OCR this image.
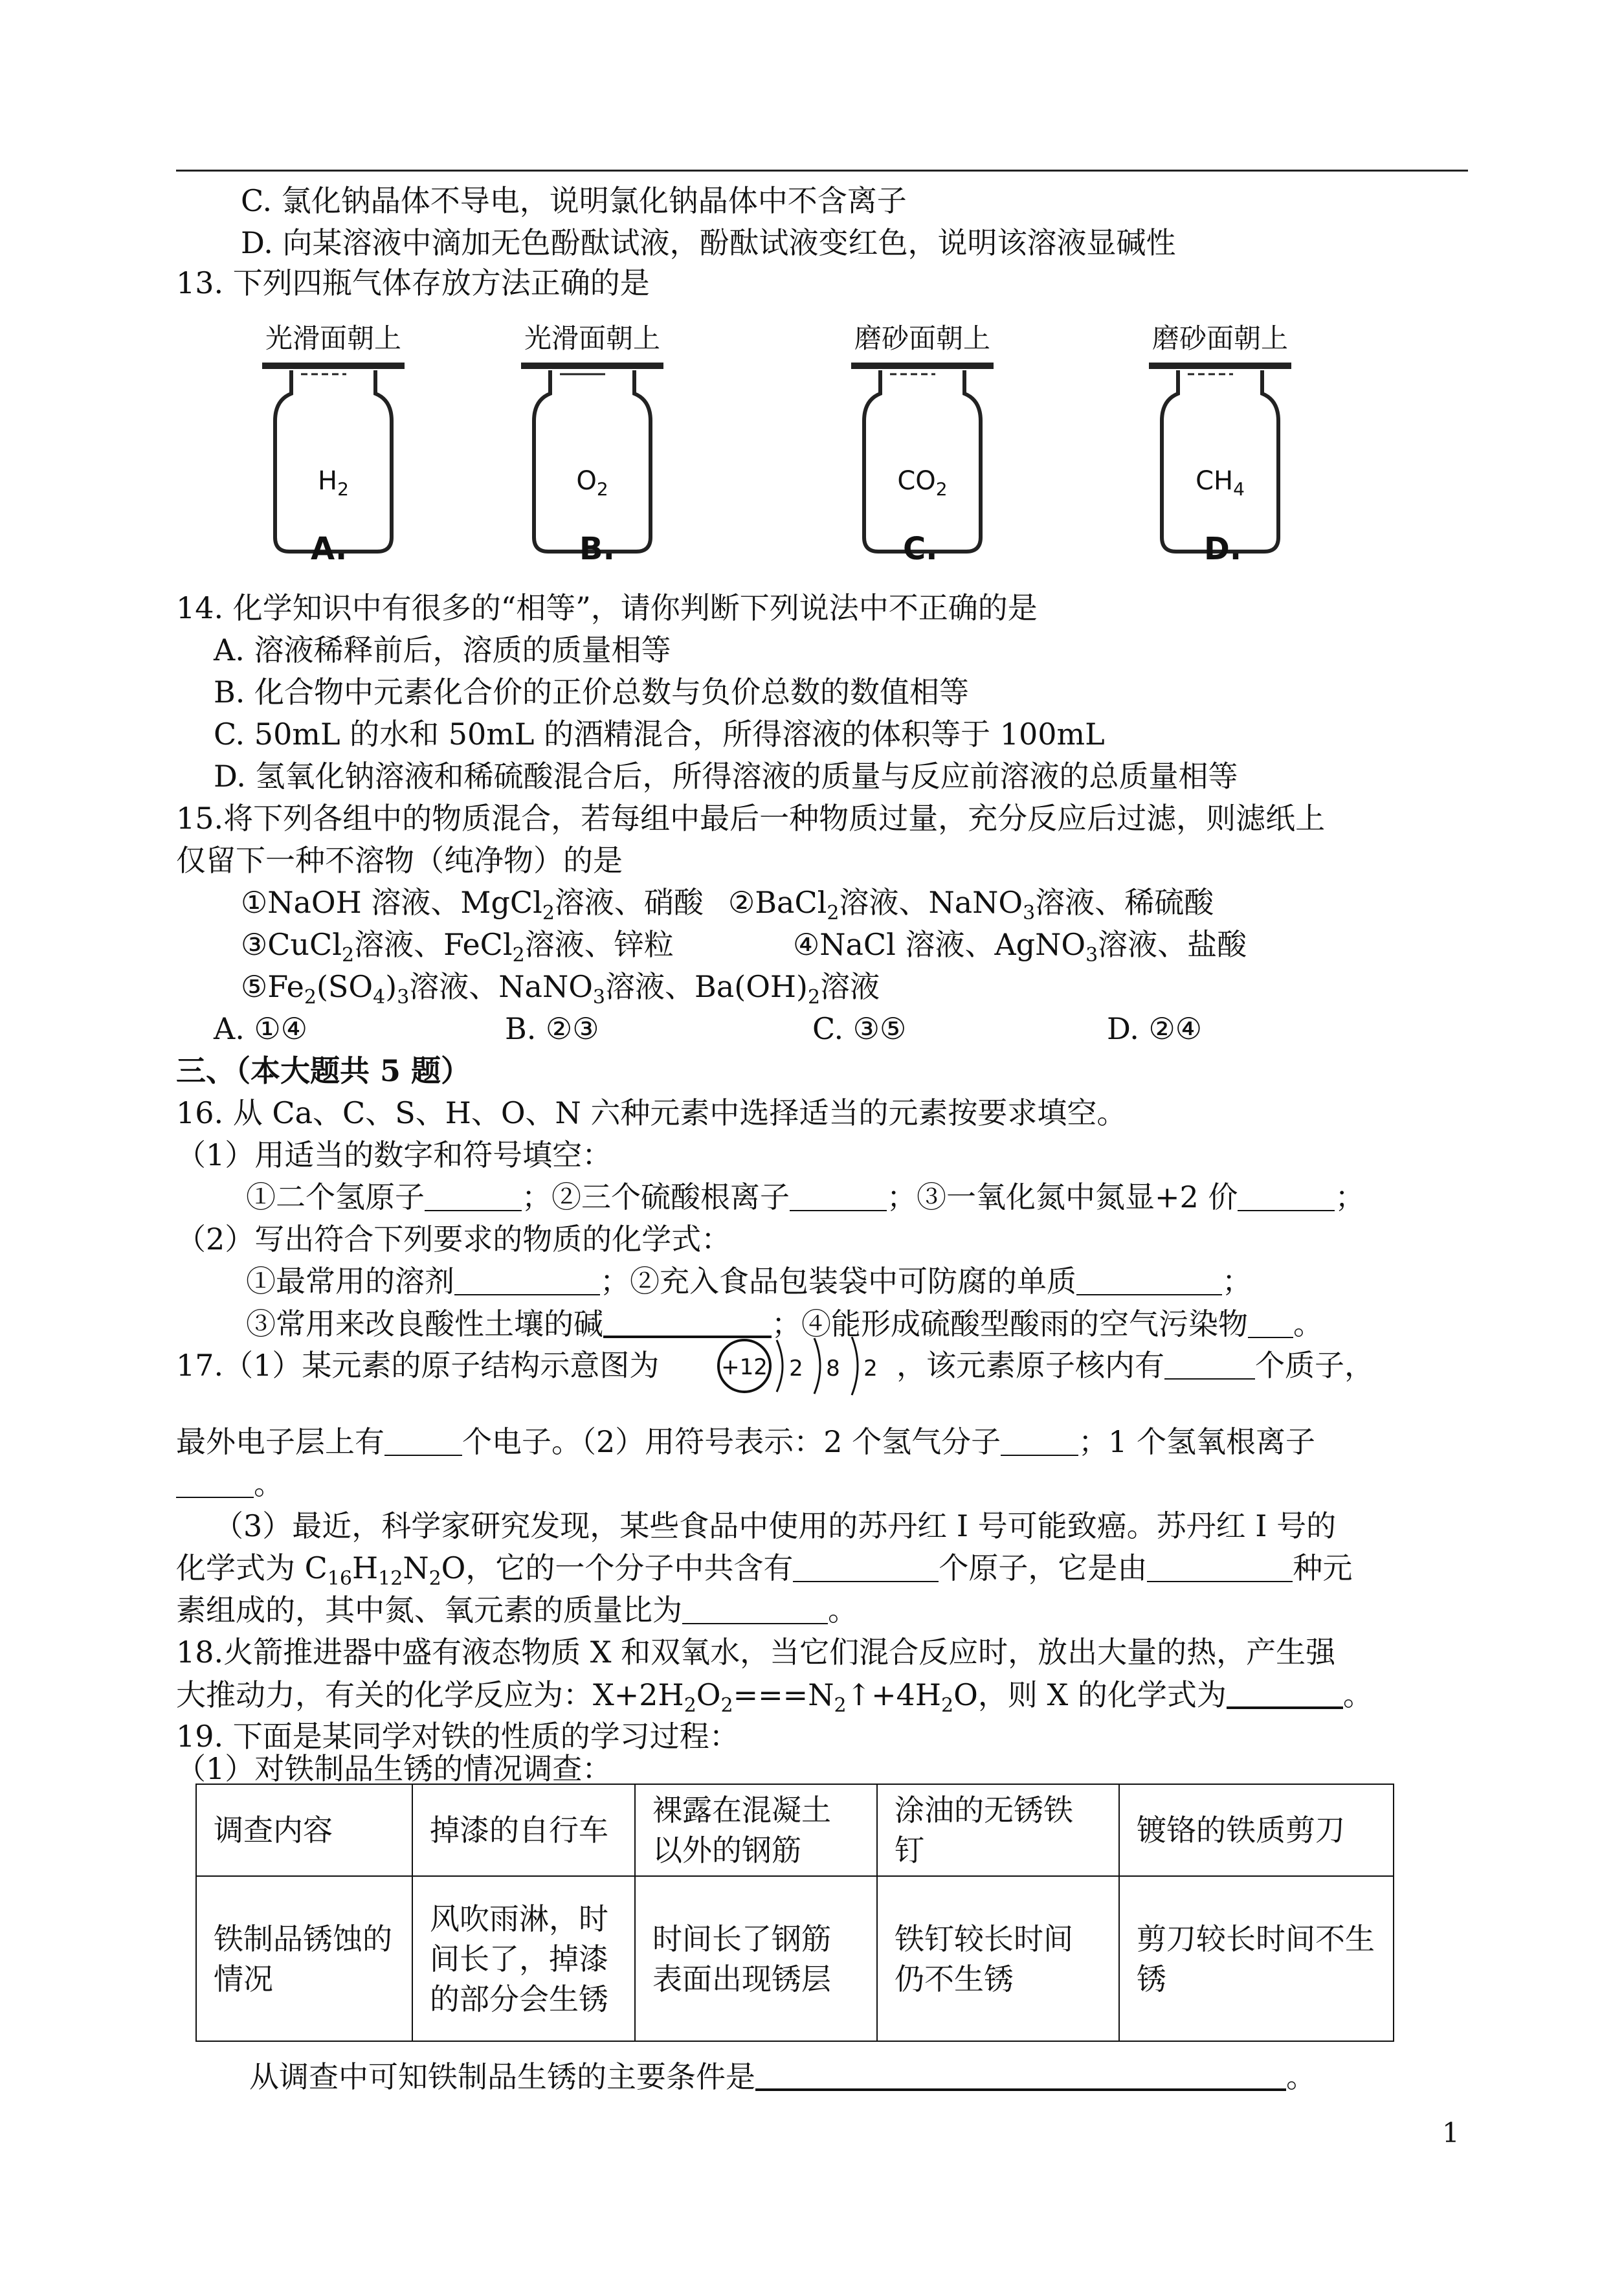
C. 氯化钠晶体不导电，说明氯化钠晶体中不含离子
D. 向某溶液中滴加无色酚酞试液，酚酞试液变红色，说明该溶液显碱性
13. 下列四瓶气体存放方法正确的是
光滑面朝上
$H_2$
光滑面朝上
$O_2$
磨砂面朝上
$CO_2$
磨砂面朝上
$CH_4$
A.	B.	C.	D.
14. 化学知识中有很多的“相等”，请你判断下列说法中不正确的是
A. 溶液稀释前后，溶质的质量相等
B. 化合物中元素化合价的正价总数与负价总数的数值相等
C. 50mL 的水和 50mL 的酒精混合，所得溶液的体积等于 100mL
D. 氢氧化钠溶液和稀硫酸混合后，所得溶液的质量与反应前溶液的总质量相等
15.将下列各组中的物质混合，若每组中最后一种物质过量，充分反应后过滤，则滤纸上
仅留下一种不溶物（纯净物）的是
①NaOH 溶液、MgCl$_2$溶液、硝酸 ②BaCl$_2$溶液、NaNO$_3$溶液、稀硫酸
③CuCl$_2$溶液、FeCl$_2$溶液、锌粒	④NaCl 溶液、AgNO$_3$溶液、盐酸
$⑤Fe_2(SO_4)_3$溶液、NaNO$_3$溶液、$Ba(OH)_2$溶液
A. ①④	B. ②③	C. ③⑤	D. ②④
三、（本大题共 5 题）
16. 从 Ca、C、S、H、O、N 六种元素中选择适当的元素按要求填空。
（1）用适当的数字和符号填空：
①二个氢原子	；②三个硫酸根离子	；③一氧化氮中氮显+2 价	；
（2）写出符合下列要求的物质的化学式：
①最常用的溶剂	；②充入食品包装袋中可防腐的单质	；
③常用来改良酸性土壤的碱	；④能形成硫酸型酸雨的空气污染物 。
17.（1）某元素的原子结构示意图为	+12 2 8 2 ，该元素原子核内有	个质子，
最外电子层上有	个电子。（2）用符号表示：2 个氢气分子	；1 个氢氧根离子
。
（3）最近，科学家研究发现，某些食品中使用的苏丹红 I 号可能致癌。苏丹红 I 号的
化学式为 $C_{16}H_{12}N_2O$，它的一个分子中共含有	个原子，它是由	种元
素组成的，其中氮、氧元素的质量比为	。
18.火箭推进器中盛有液态物质 X 和双氧水，当它们混合反应时，放出大量的热，产生强
大推动力，有关的化学反应为：$X+2H_2O_2===N_2↑+4H_2O$，则 X 的化学式为	。
19. 下面是某同学对铁的性质的学习过程：
（1）对铁制品生锈的情况调查：
调查内容	掉漆的自行车	裸露在混凝土以外的钢筋	涂油的无锈铁钉	镀铬的铁质剪刀
铁制品锈蚀的情况	风吹雨淋，时间长了，掉漆的部分会生锈	时间长了钢筋表面出现锈层	铁钉较长时间仍不生锈	剪刀较长时间不生锈
从调查中可知铁制品生锈的主要条件是	。
1
